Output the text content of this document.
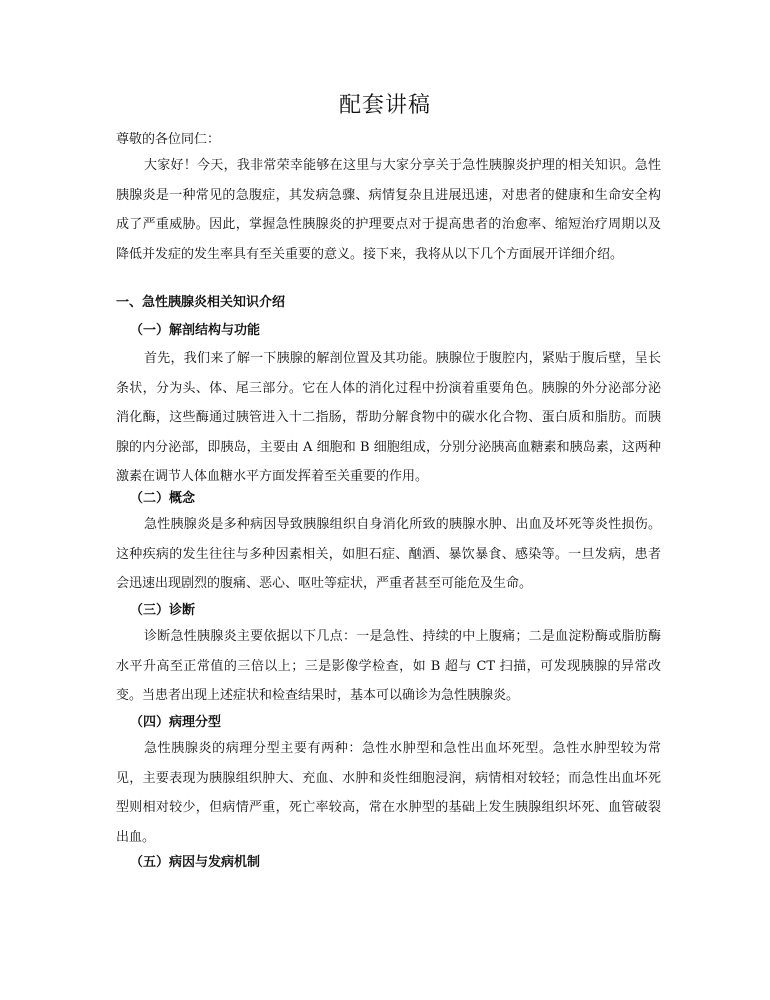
配套讲稿
尊敬的各位同仁：
大家好！今天，我非常荣幸能够在这里与大家分享关于急性胰腺炎护理的相关知识。急性胰腺炎是一种常见的急腹症，其发病急骤、病情复杂且进展迅速，对患者的健康和生命安全构成了严重威胁。因此，掌握急性胰腺炎的护理要点对于提高患者的治愈率、缩短治疗周期以及降低并发症的发生率具有至关重要的意义。接下来，我将从以下几个方面展开详细介绍。
一、急性胰腺炎相关知识介绍
（一）解剖结构与功能
首先，我们来了解一下胰腺的解剖位置及其功能。胰腺位于腹腔内，紧贴于腹后壁，呈长条状，分为头、体、尾三部分。它在人体的消化过程中扮演着重要角色。胰腺的外分泌部分泌消化酶，这些酶通过胰管进入十二指肠，帮助分解食物中的碳水化合物、蛋白质和脂肪。而胰腺的内分泌部，即胰岛，主要由 A 细胞和 B 细胞组成，分别分泌胰高血糖素和胰岛素，这两种激素在调节人体血糖水平方面发挥着至关重要的作用。
（二）概念
急性胰腺炎是多种病因导致胰腺组织自身消化所致的胰腺水肿、出血及坏死等炎性损伤。这种疾病的发生往往与多种因素相关，如胆石症、酗酒、暴饮暴食、感染等。一旦发病，患者会迅速出现剧烈的腹痛、恶心、呕吐等症状，严重者甚至可能危及生命。
（三）诊断
诊断急性胰腺炎主要依据以下几点：一是急性、持续的中上腹痛；二是血淀粉酶或脂肪酶水平升高至正常值的三倍以上；三是影像学检查，如 B 超与 CT 扫描，可发现胰腺的异常改变。当患者出现上述症状和检查结果时，基本可以确诊为急性胰腺炎。
（四）病理分型
急性胰腺炎的病理分型主要有两种：急性水肿型和急性出血坏死型。急性水肿型较为常见，主要表现为胰腺组织肿大、充血、水肿和炎性细胞浸润，病情相对较轻；而急性出血坏死型则相对较少，但病情严重，死亡率较高，常在水肿型的基础上发生胰腺组织坏死、血管破裂出血。
（五）病因与发病机制
